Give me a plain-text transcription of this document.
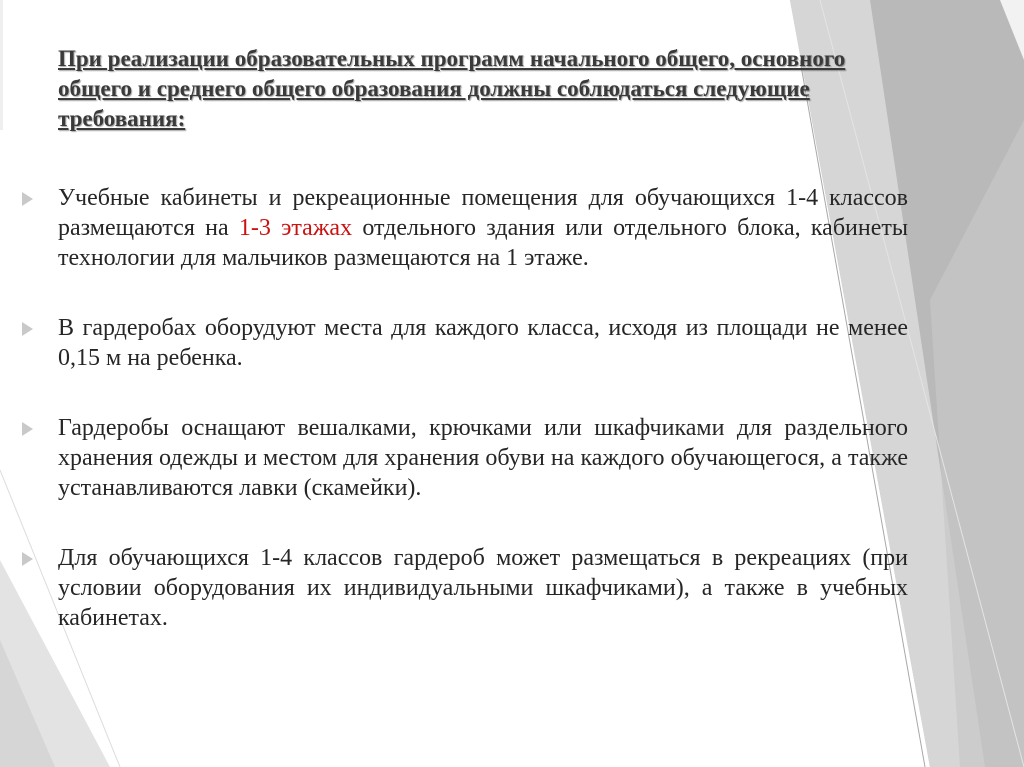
При реализации образовательных программ начального общего, основного общего и среднего общего образования должны соблюдаться следующие требования:
Учебные кабинеты и рекреационные помещения для обучающихся 1-4 классов размещаются на 1-3 этажах отдельного здания или отдельного блока, кабинеты технологии для мальчиков размещаются на 1 этаже.
В гардеробах оборудуют места для каждого класса, исходя из площади не менее 0,15 м на ребенка.
Гардеробы оснащают вешалками, крючками или шкафчиками для раздельного хранения одежды и местом для хранения обуви на каждого обучающегося, а также устанавливаются лавки (скамейки).
Для обучающихся 1-4 классов гардероб может размещаться в рекреациях (при условии оборудования их индивидуальными шкафчиками), а также в учебных кабинетах.
